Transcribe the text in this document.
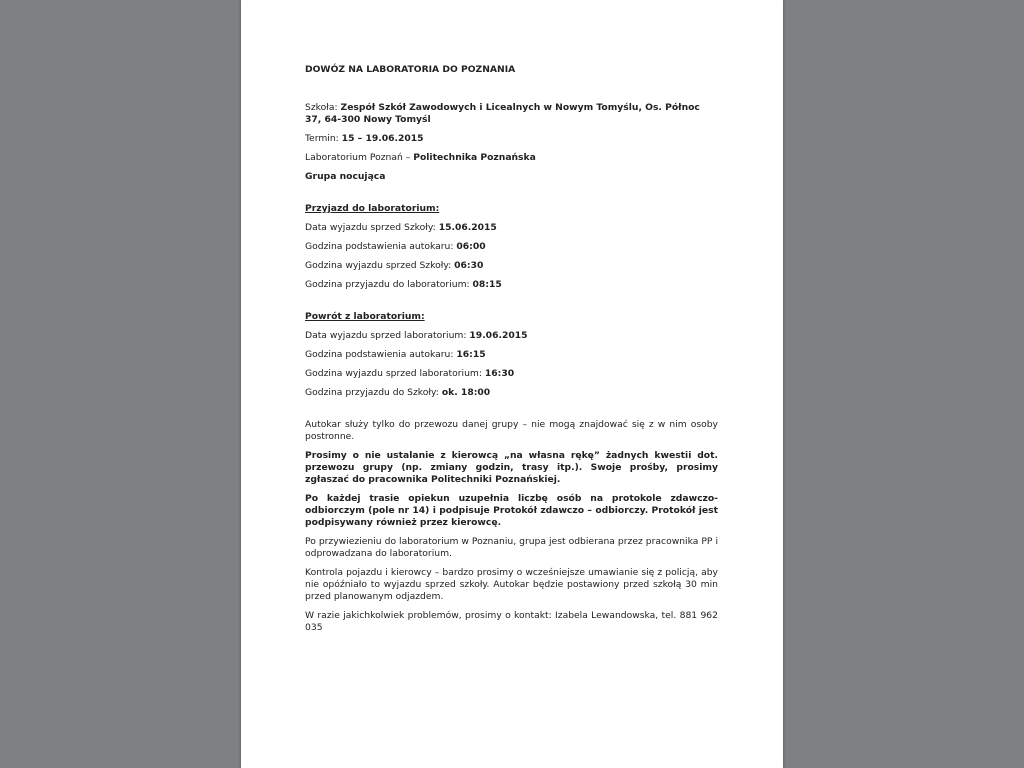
DOWÓZ NA LABORATORIA DO POZNANIA
Szkoła: Zespół Szkół Zawodowych i Licealnych w Nowym Tomyślu, Os. Północ 37, 64-300 Nowy Tomyśl
Termin: 15 – 19.06.2015
Laboratorium Poznań – Politechnika Poznańska
Grupa nocująca
Przyjazd do laboratorium:
Data wyjazdu sprzed Szkoły: 15.06.2015
Godzina podstawienia autokaru: 06:00
Godzina wyjazdu sprzed Szkoły: 06:30
Godzina przyjazdu do laboratorium: 08:15
Powrót z laboratorium:
Data wyjazdu sprzed laboratorium: 19.06.2015
Godzina podstawienia autokaru: 16:15
Godzina wyjazdu sprzed laboratorium: 16:30
Godzina przyjazdu do Szkoły: ok. 18:00
Autokar służy tylko do przewozu danej grupy – nie mogą znajdować się z w nim osoby postronne.
Prosimy o nie ustalanie z kierowcą „na własna rękę” żadnych kwestii dot. przewozu grupy (np. zmiany godzin, trasy itp.). Swoje prośby, prosimy zgłaszać do pracownika Politechniki Poznańskiej.
Po każdej trasie opiekun uzupełnia liczbę osób na protokole zdawczo-odbiorczym (pole nr 14) i podpisuje Protokół zdawczo – odbiorczy. Protokół jest podpisywany również przez kierowcę.
Po przywiezieniu do laboratorium w Poznaniu, grupa jest odbierana przez pracownika PP i odprowadzana do laboratorium.
Kontrola pojazdu i kierowcy – bardzo prosimy o wcześniejsze umawianie się z policją, aby nie opóźniało to wyjazdu sprzed szkoły. Autokar będzie postawiony przed szkołą 30 min przed planowanym odjazdem.
W razie jakichkolwiek problemów, prosimy o kontakt: Izabela Lewandowska, tel. 881 962 035
